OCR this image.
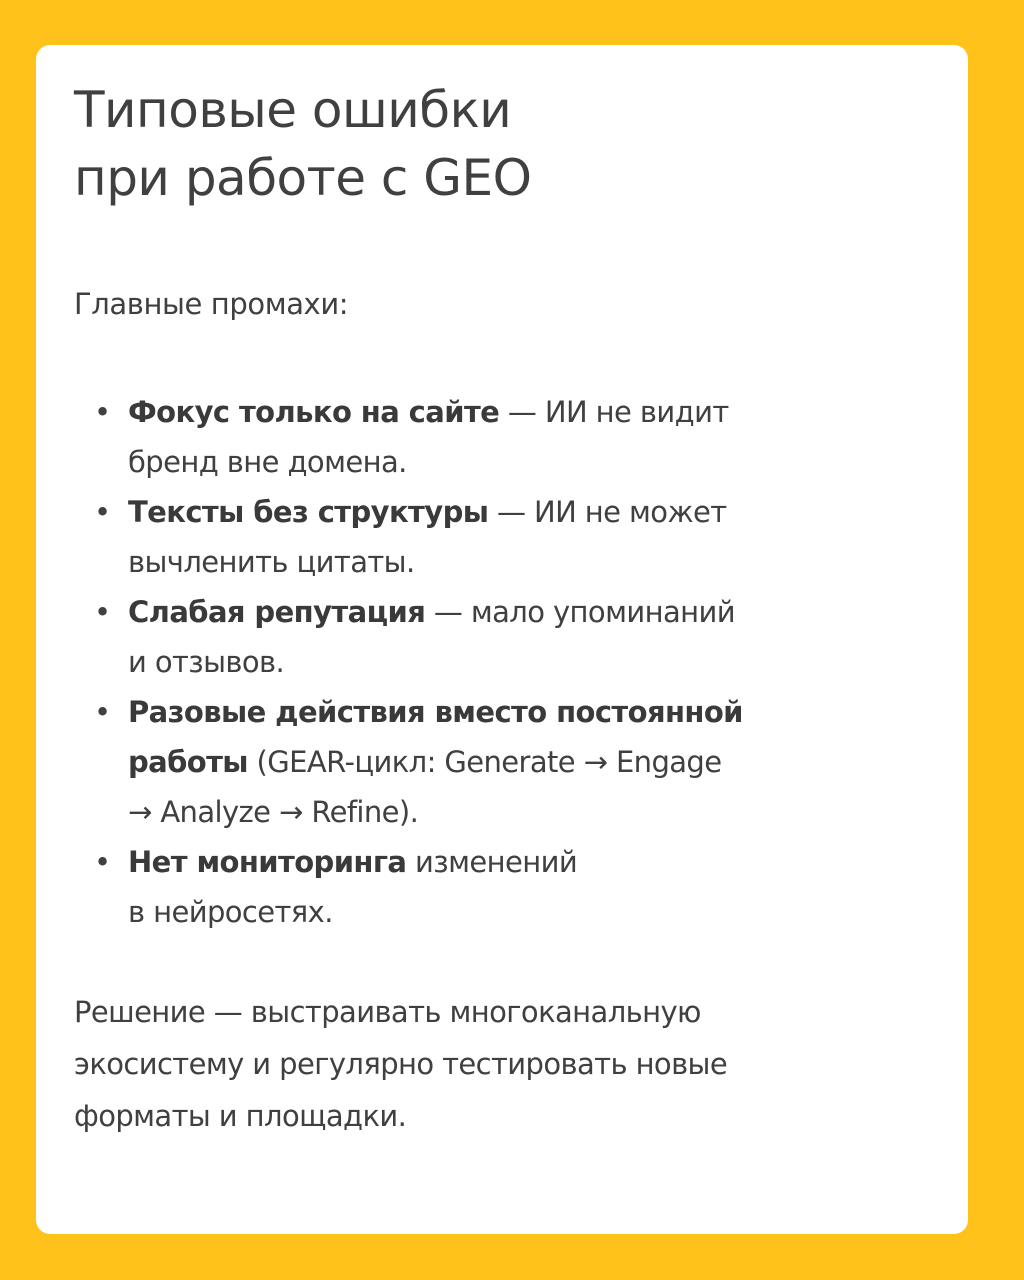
Типовые ошибки
при работе с GEO

Главные промахи:

• Фокус только на сайте — ИИ не видит
бренд вне домена.
• Тексты без структуры — ИИ не может
вычленить цитаты.
• Слабая репутация — мало упоминаний
и отзывов.
• Разовые действия вместо постоянной
работы (GEAR-цикл: Generate → Engage
→ Analyze → Refine).
• Нет мониторинга изменений
в нейросетях.

Решение — выстраивать многоканальную
экосистему и регулярно тестировать новые
форматы и площадки.
